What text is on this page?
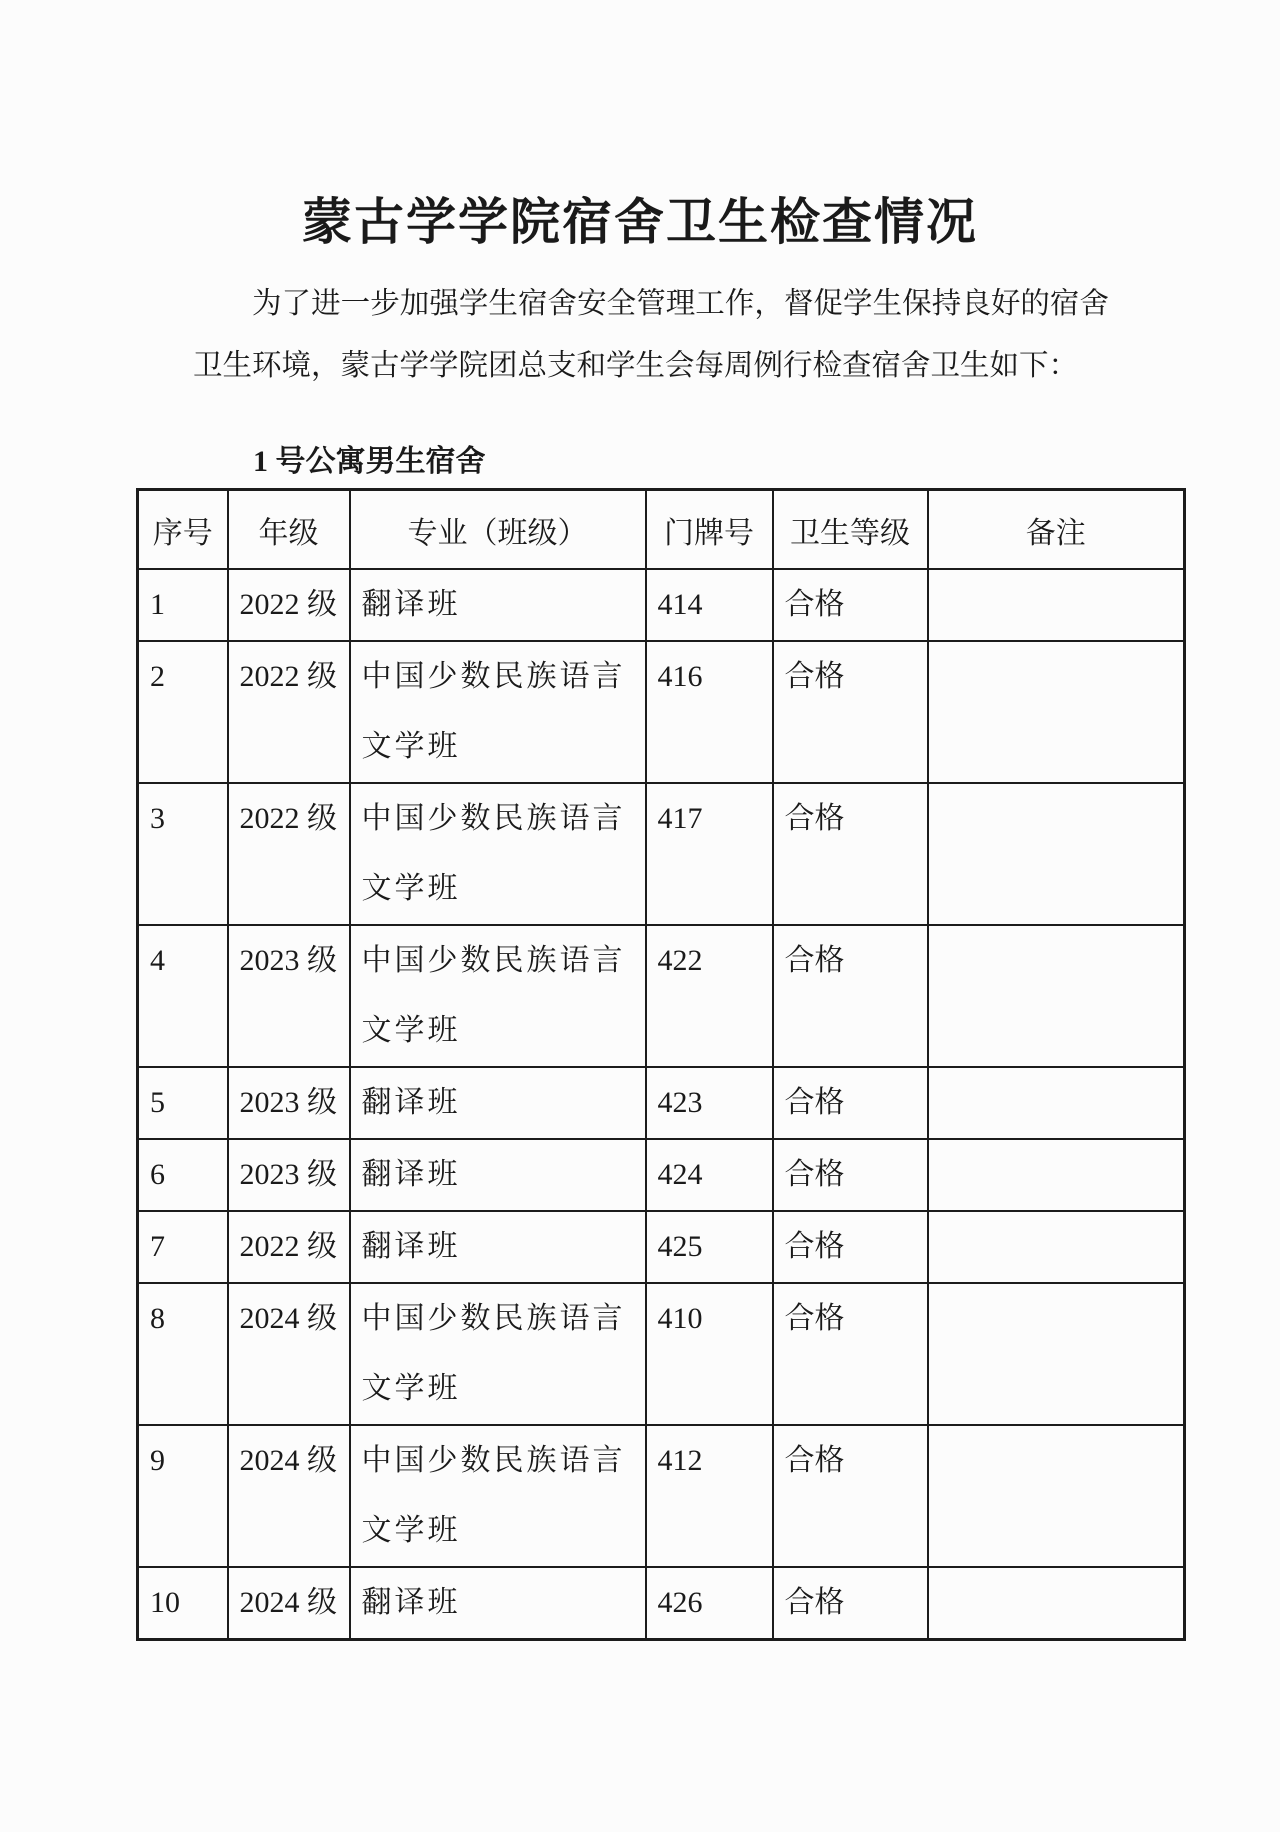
蒙古学学院宿舍卫生检查情况

为了进一步加强学生宿舍安全管理工作，督促学生保持良好的宿舍卫生环境，蒙古学学院团总支和学生会每周例行检查宿舍卫生如下：

1 号公寓男生宿舍
序号	年级	专业（班级）	门牌号	卫生等级	备注
1	2022 级	翻译班	414	合格	
2	2022 级	中国少数民族语言文学班	416	合格	
3	2022 级	中国少数民族语言文学班	417	合格	
4	2023 级	中国少数民族语言文学班	422	合格	
5	2023 级	翻译班	423	合格	
6	2023 级	翻译班	424	合格	
7	2022 级	翻译班	425	合格	
8	2024 级	中国少数民族语言文学班	410	合格	
9	2024 级	中国少数民族语言文学班	412	合格	
10	2024 级	翻译班	426	合格	
